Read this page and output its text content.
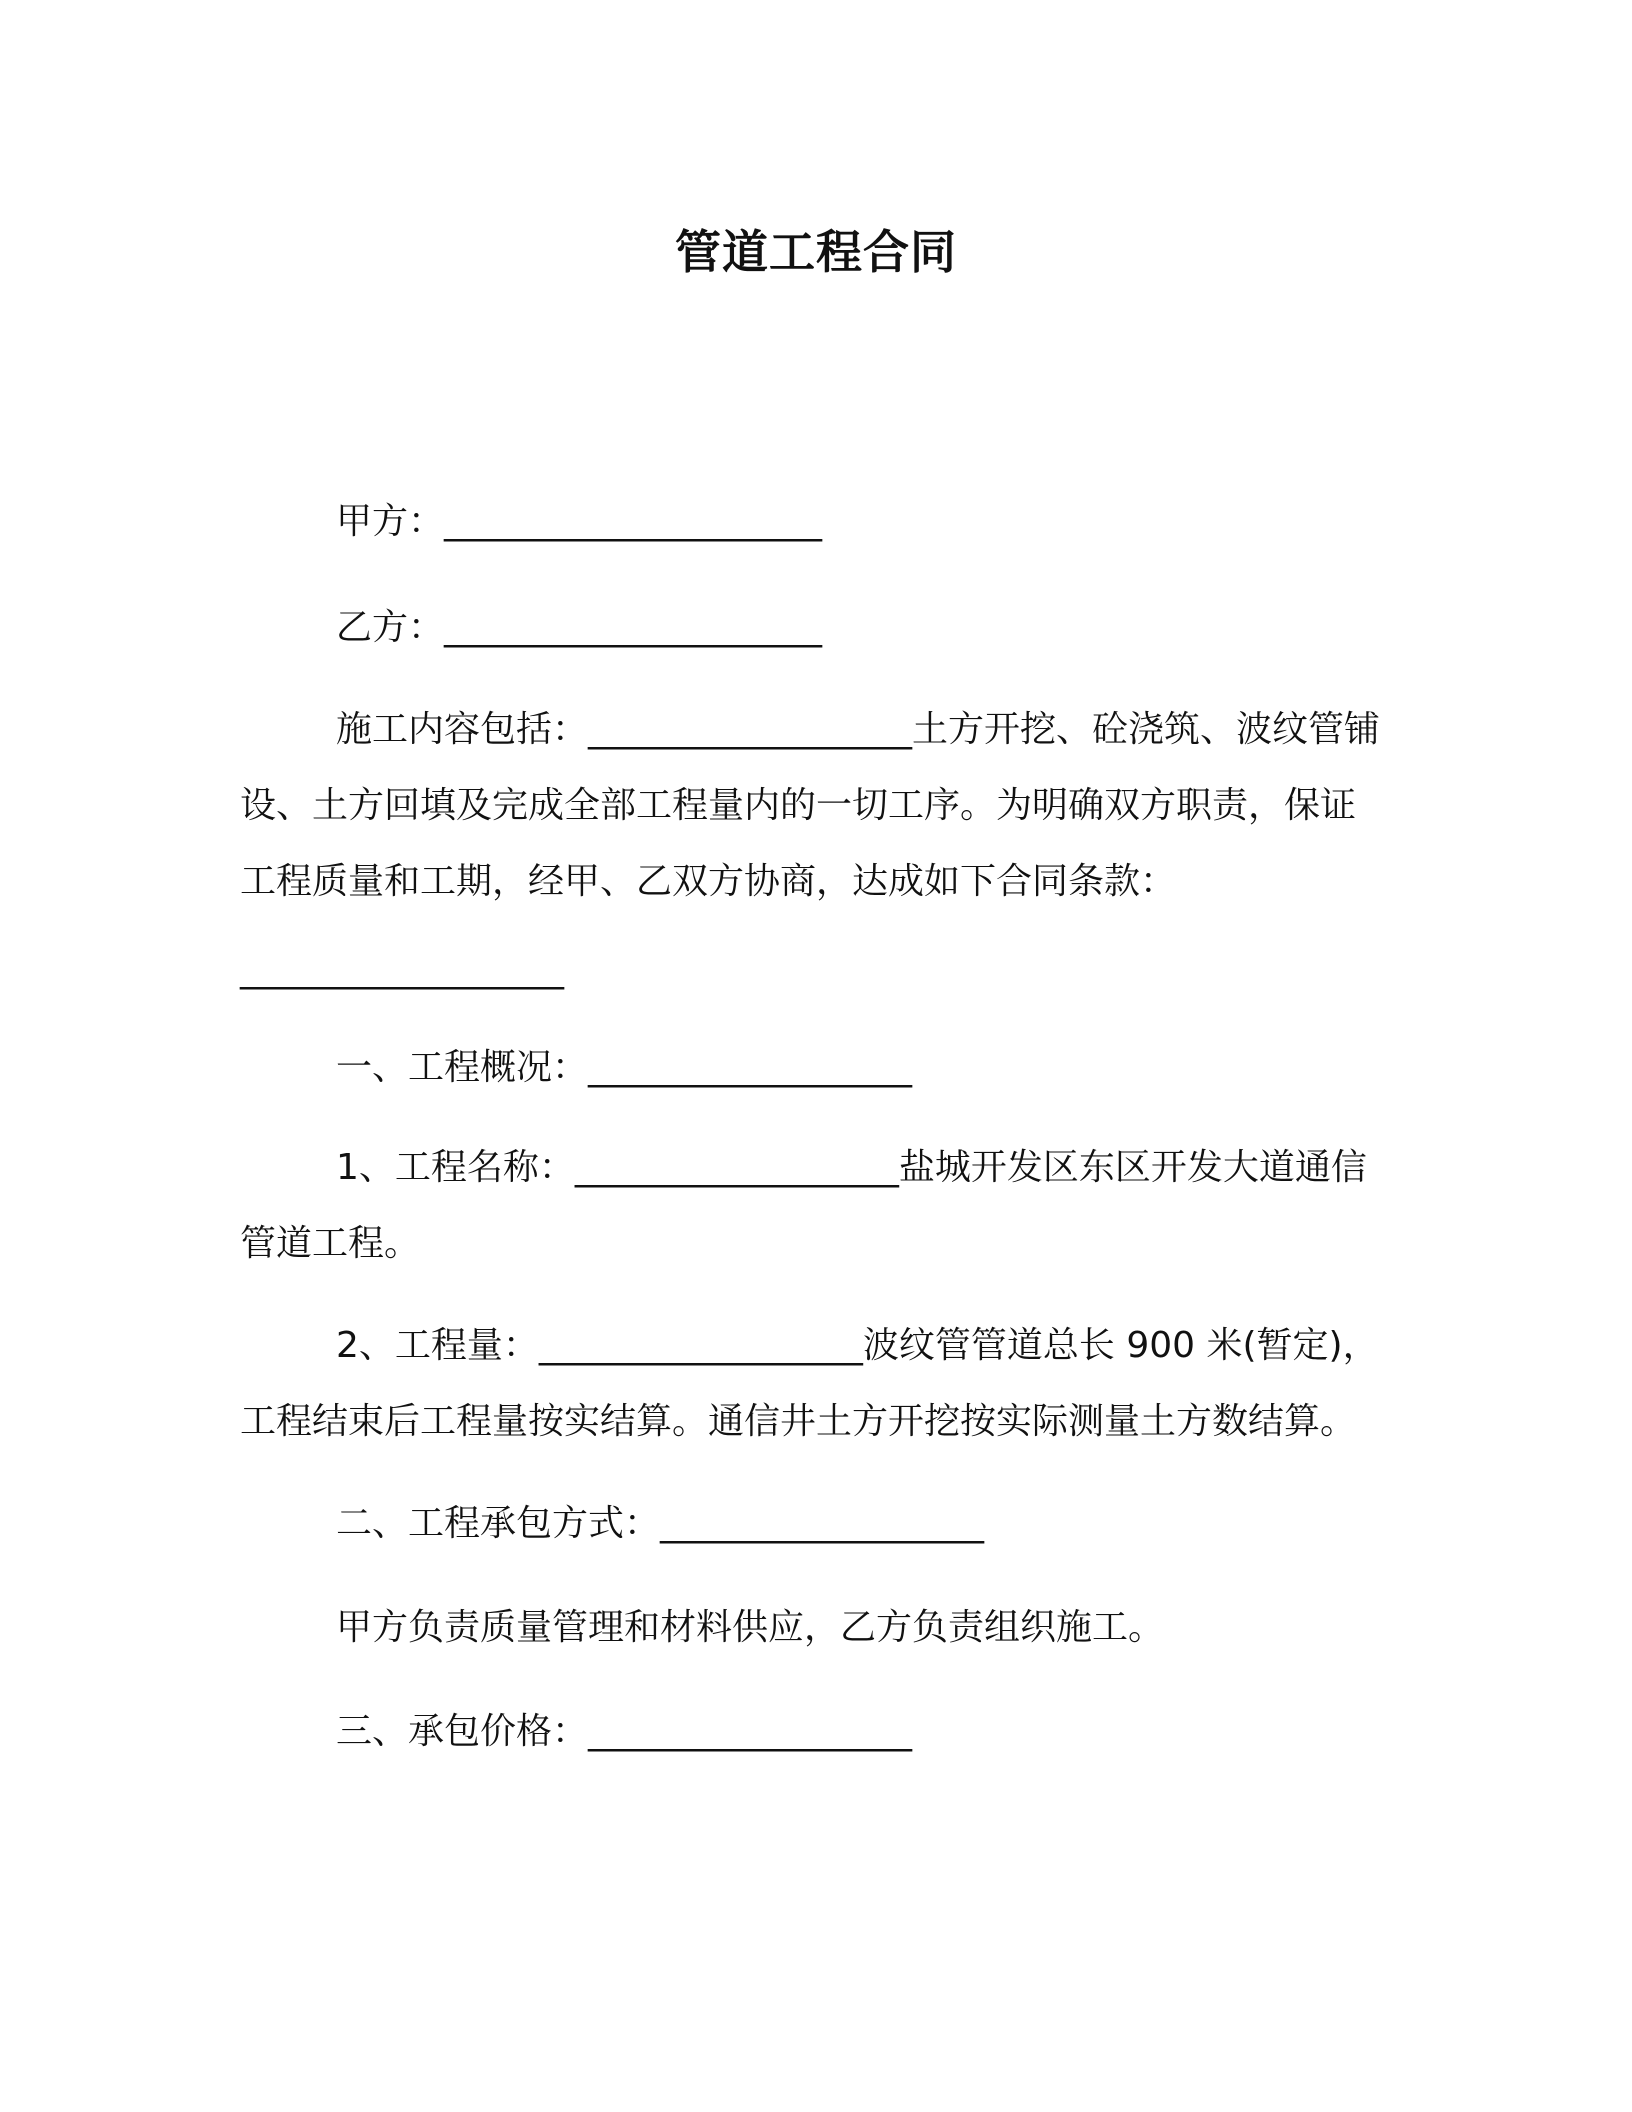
管道工程合同
甲方：_____________________
乙方：_____________________
施工内容包括：__________________土方开挖、砼浇筑、波纹管铺设、土方回填及完成全部工程量内的一切工序。为明确双方职责，保证工程质量和工期，经甲、乙双方协商，达成如下合同条款：
__________________
一、工程概况：__________________
1、工程名称：__________________盐城开发区东区开发大道通信管道工程。
2、工程量：__________________波纹管管道总长 900 米(暂定)，工程结束后工程量按实结算。通信井土方开挖按实际测量土方数结算。
二、工程承包方式：__________________
甲方负责质量管理和材料供应，乙方负责组织施工。
三、承包价格：__________________
